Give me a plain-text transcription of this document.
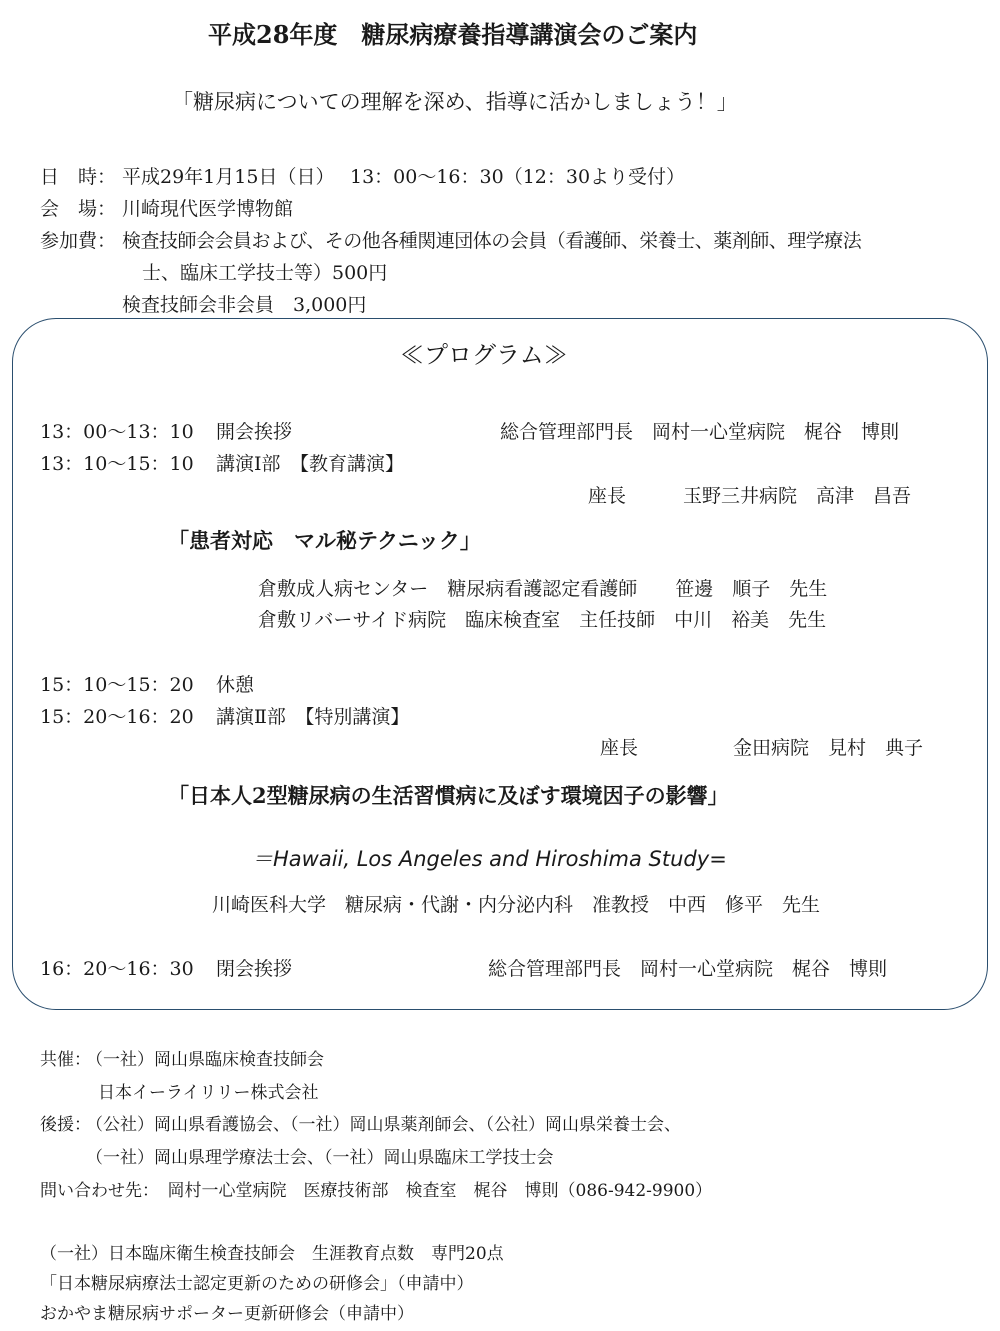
平成28年度　糖尿病療養指導講演会のご案内
「糖尿病についての理解を深め、指導に活かしましょう！」
日　時： 平成29年1月15日（日）　 13：00～16：30（12：30より受付）
会　場： 川崎現代医学博物館
参加費： 検査技師会会員および、その他各種関連団体の会員（看護師、栄養士、薬剤師、理学療法
士、臨床工学技士等）500円
検査技師会非会員　3,000円
≪プログラム≫
13：00～13：10 開会挨拶	総合管理部門長　岡村一心堂病院　梶谷　博則
13：10～15：10 講演Ⅰ部　【教育講演】
座長　　　玉野三井病院　高津　昌吾
「患者対応　マル秘テクニック」
倉敷成人病センター　糖尿病看護認定看護師　　笹邊　順子　先生
倉敷リバーサイド病院　臨床検査室　主任技師　中川　裕美　先生
15：10～15：20 休憩
15：20～16：20 講演Ⅱ部　【特別講演】
座長　　　　　金田病院　見村　典子
「日本人2型糖尿病の生活習慣病に及ぼす環境因子の影響」
＝Hawaii, Los Angeles and Hiroshima Study=
川崎医科大学　糖尿病・代謝・内分泌内科　准教授　中西　修平　先生
16：20～16：30 閉会挨拶	総合管理部門長　岡村一心堂病院　梶谷　博則
共催：
（一社）岡山県臨床検査技師会
日本イーライリリー株式会社
後援：
（公社）岡山県看護協会、（一社）岡山県薬剤師会、（公社）岡山県栄養士会、
（一社）岡山県理学療法士会、（一社）岡山県臨床工学技士会
問い合わせ先：　岡村一心堂病院　医療技術部　検査室　梶谷　博則（086-942-9900）
（一社）日本臨床衛生検査技師会　生涯教育点数　専門20点
「日本糖尿病療法士認定更新のための研修会」（申請中）
おかやま糖尿病サポーター更新研修会（申請中）
